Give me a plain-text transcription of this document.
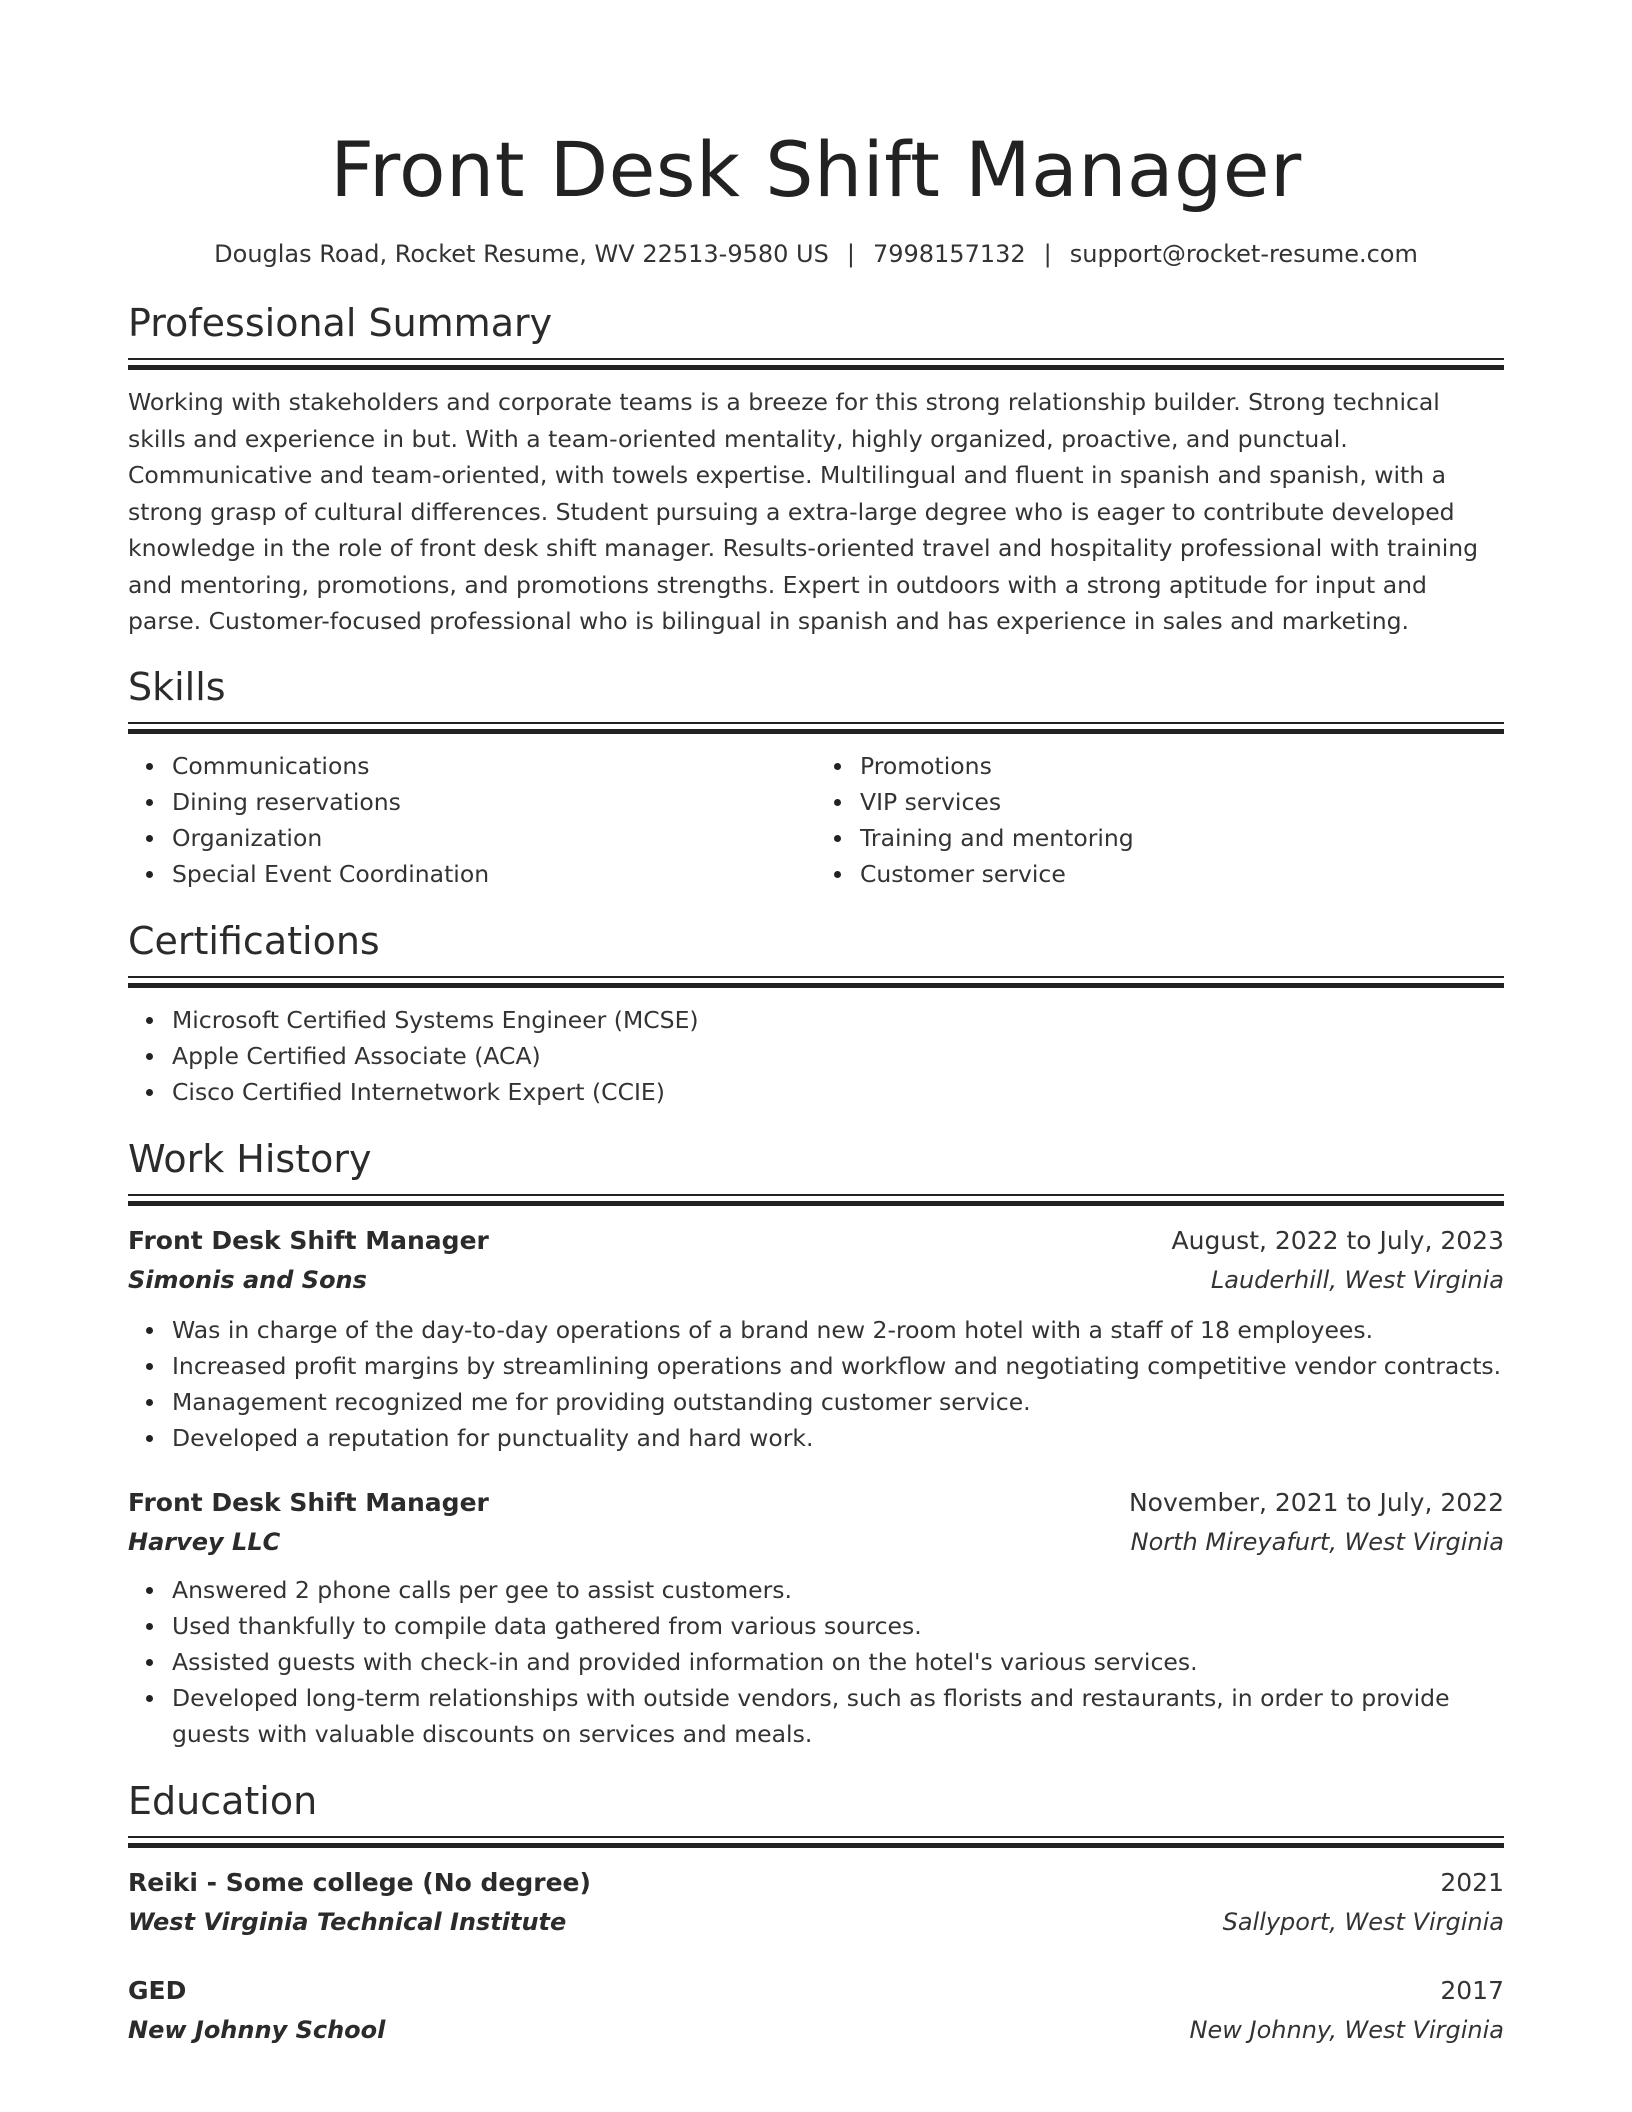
Front Desk Shift Manager
Douglas Road, Rocket Resume, WV 22513-9580 US | 7998157132 | support@rocket-resume.com
Professional Summary
Working with stakeholders and corporate teams is a breeze for this strong relationship builder. Strong technical skills and experience in but. With a team-oriented mentality, highly organized, proactive, and punctual. Communicative and team-oriented, with towels expertise. Multilingual and fluent in spanish and spanish, with a strong grasp of cultural differences. Student pursuing a extra-large degree who is eager to contribute developed knowledge in the role of front desk shift manager. Results-oriented travel and hospitality professional with training and mentoring, promotions, and promotions strengths. Expert in outdoors with a strong aptitude for input and parse. Customer-focused professional who is bilingual in spanish and has experience in sales and marketing.
Skills
Communications
Dining reservations
Organization
Special Event Coordination
Promotions
VIP services
Training and mentoring
Customer service
Certifications
Microsoft Certified Systems Engineer (MCSE)
Apple Certified Associate (ACA)
Cisco Certified Internetwork Expert (CCIE)
Work History
Front Desk Shift Manager	August, 2022 to July, 2023
Simonis and Sons	Lauderhill, West Virginia
Was in charge of the day-to-day operations of a brand new 2-room hotel with a staff of 18 employees.
Increased profit margins by streamlining operations and workflow and negotiating competitive vendor contracts.
Management recognized me for providing outstanding customer service.
Developed a reputation for punctuality and hard work.
Front Desk Shift Manager	November, 2021 to July, 2022
Harvey LLC	North Mireyafurt, West Virginia
Answered 2 phone calls per gee to assist customers.
Used thankfully to compile data gathered from various sources.
Assisted guests with check-in and provided information on the hotel's various services.
Developed long-term relationships with outside vendors, such as florists and restaurants, in order to provide guests with valuable discounts on services and meals.
Education
Reiki - Some college (No degree)	2021
West Virginia Technical Institute	Sallyport, West Virginia
GED	2017
New Johnny School	New Johnny, West Virginia
